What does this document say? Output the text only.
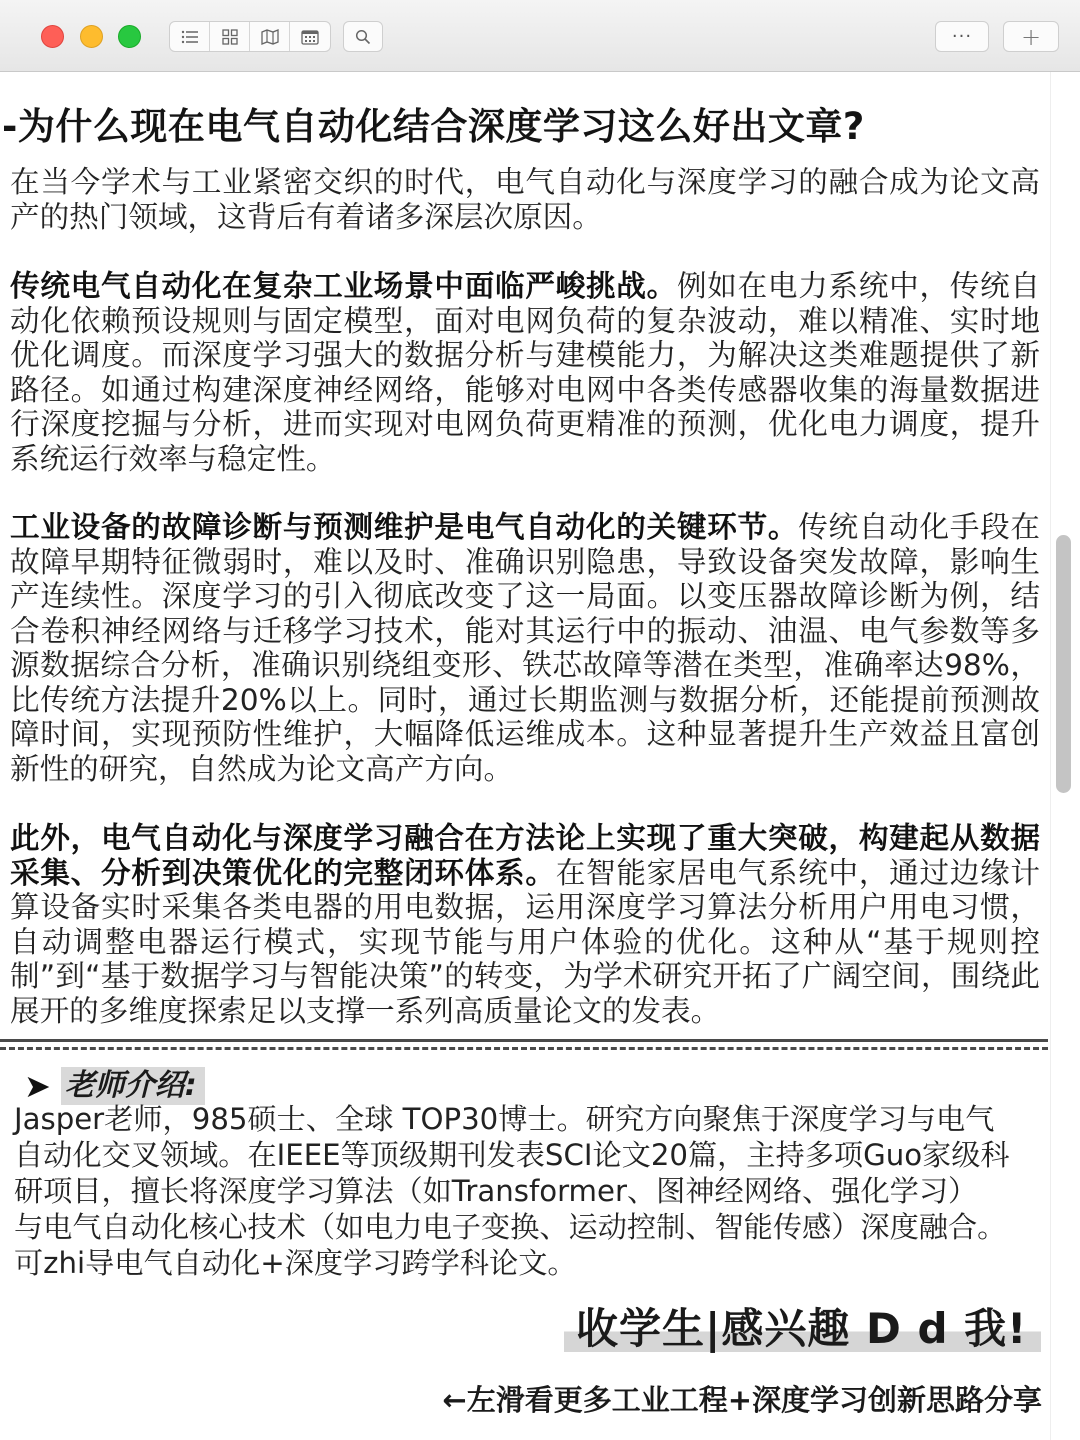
··· +
-为什么现在电气自动化结合深度学习这么好出文章?

在当今学术与工业紧密交织的时代，电气自动化与深度学习的融合成为论文高产的热门领域，这背后有着诸多深层次原因。

传统电气自动化在复杂工业场景中面临严峻挑战。例如在电力系统中，传统自动化依赖预设规则与固定模型，面对电网负荷的复杂波动，难以精准、实时地优化调度。而深度学习强大的数据分析与建模能力，为解决这类难题提供了新路径。如通过构建深度神经网络，能够对电网中各类传感器收集的海量数据进行深度挖掘与分析，进而实现对电网负荷更精准的预测，优化电力调度，提升系统运行效率与稳定性。

工业设备的故障诊断与预测维护是电气自动化的关键环节。传统自动化手段在故障早期特征微弱时，难以及时、准确识别隐患，导致设备突发故障，影响生产连续性。深度学习的引入彻底改变了这一局面。以变压器故障诊断为例，结合卷积神经网络与迁移学习技术，能对其运行中的振动、油温、电气参数等多源数据综合分析，准确识别绕组变形、铁芯故障等潜在类型，准确率达98%，比传统方法提升20%以上。同时，通过长期监测与数据分析，还能提前预测故障时间，实现预防性维护，大幅降低运维成本。这种显著提升生产效益且富创新性的研究，自然成为论文高产方向。

此外，电气自动化与深度学习融合在方法论上实现了重大突破，构建起从数据采集、分析到决策优化的完整闭环体系。在智能家居电气系统中，通过边缘计算设备实时采集各类电器的用电数据，运用深度学习算法分析用户用电习惯，自动调整电器运行模式，实现节能与用户体验的优化。这种从“基于规则控制”到“基于数据学习与智能决策”的转变，为学术研究开拓了广阔空间，围绕此展开的多维度探索足以支撑一系列高质量论文的发表。

➤ 老师介绍:
Jasper老师，985硕士、全球 TOP30博士。研究方向聚焦于深度学习与电气
自动化交叉领域。在IEEE等顶级期刊发表SCI论文20篇，主持多项Guo家级科
研项目，擅长将深度学习算法（如Transformer、图神经网络、强化学习）
与电气自动化核心技术（如电力电子变换、运动控制、智能传感）深度融合。
可zhi导电气自动化+深度学习跨学科论文。
收学生|感兴趣 D d 我!
←左滑看更多工业工程+深度学习创新思路分享
